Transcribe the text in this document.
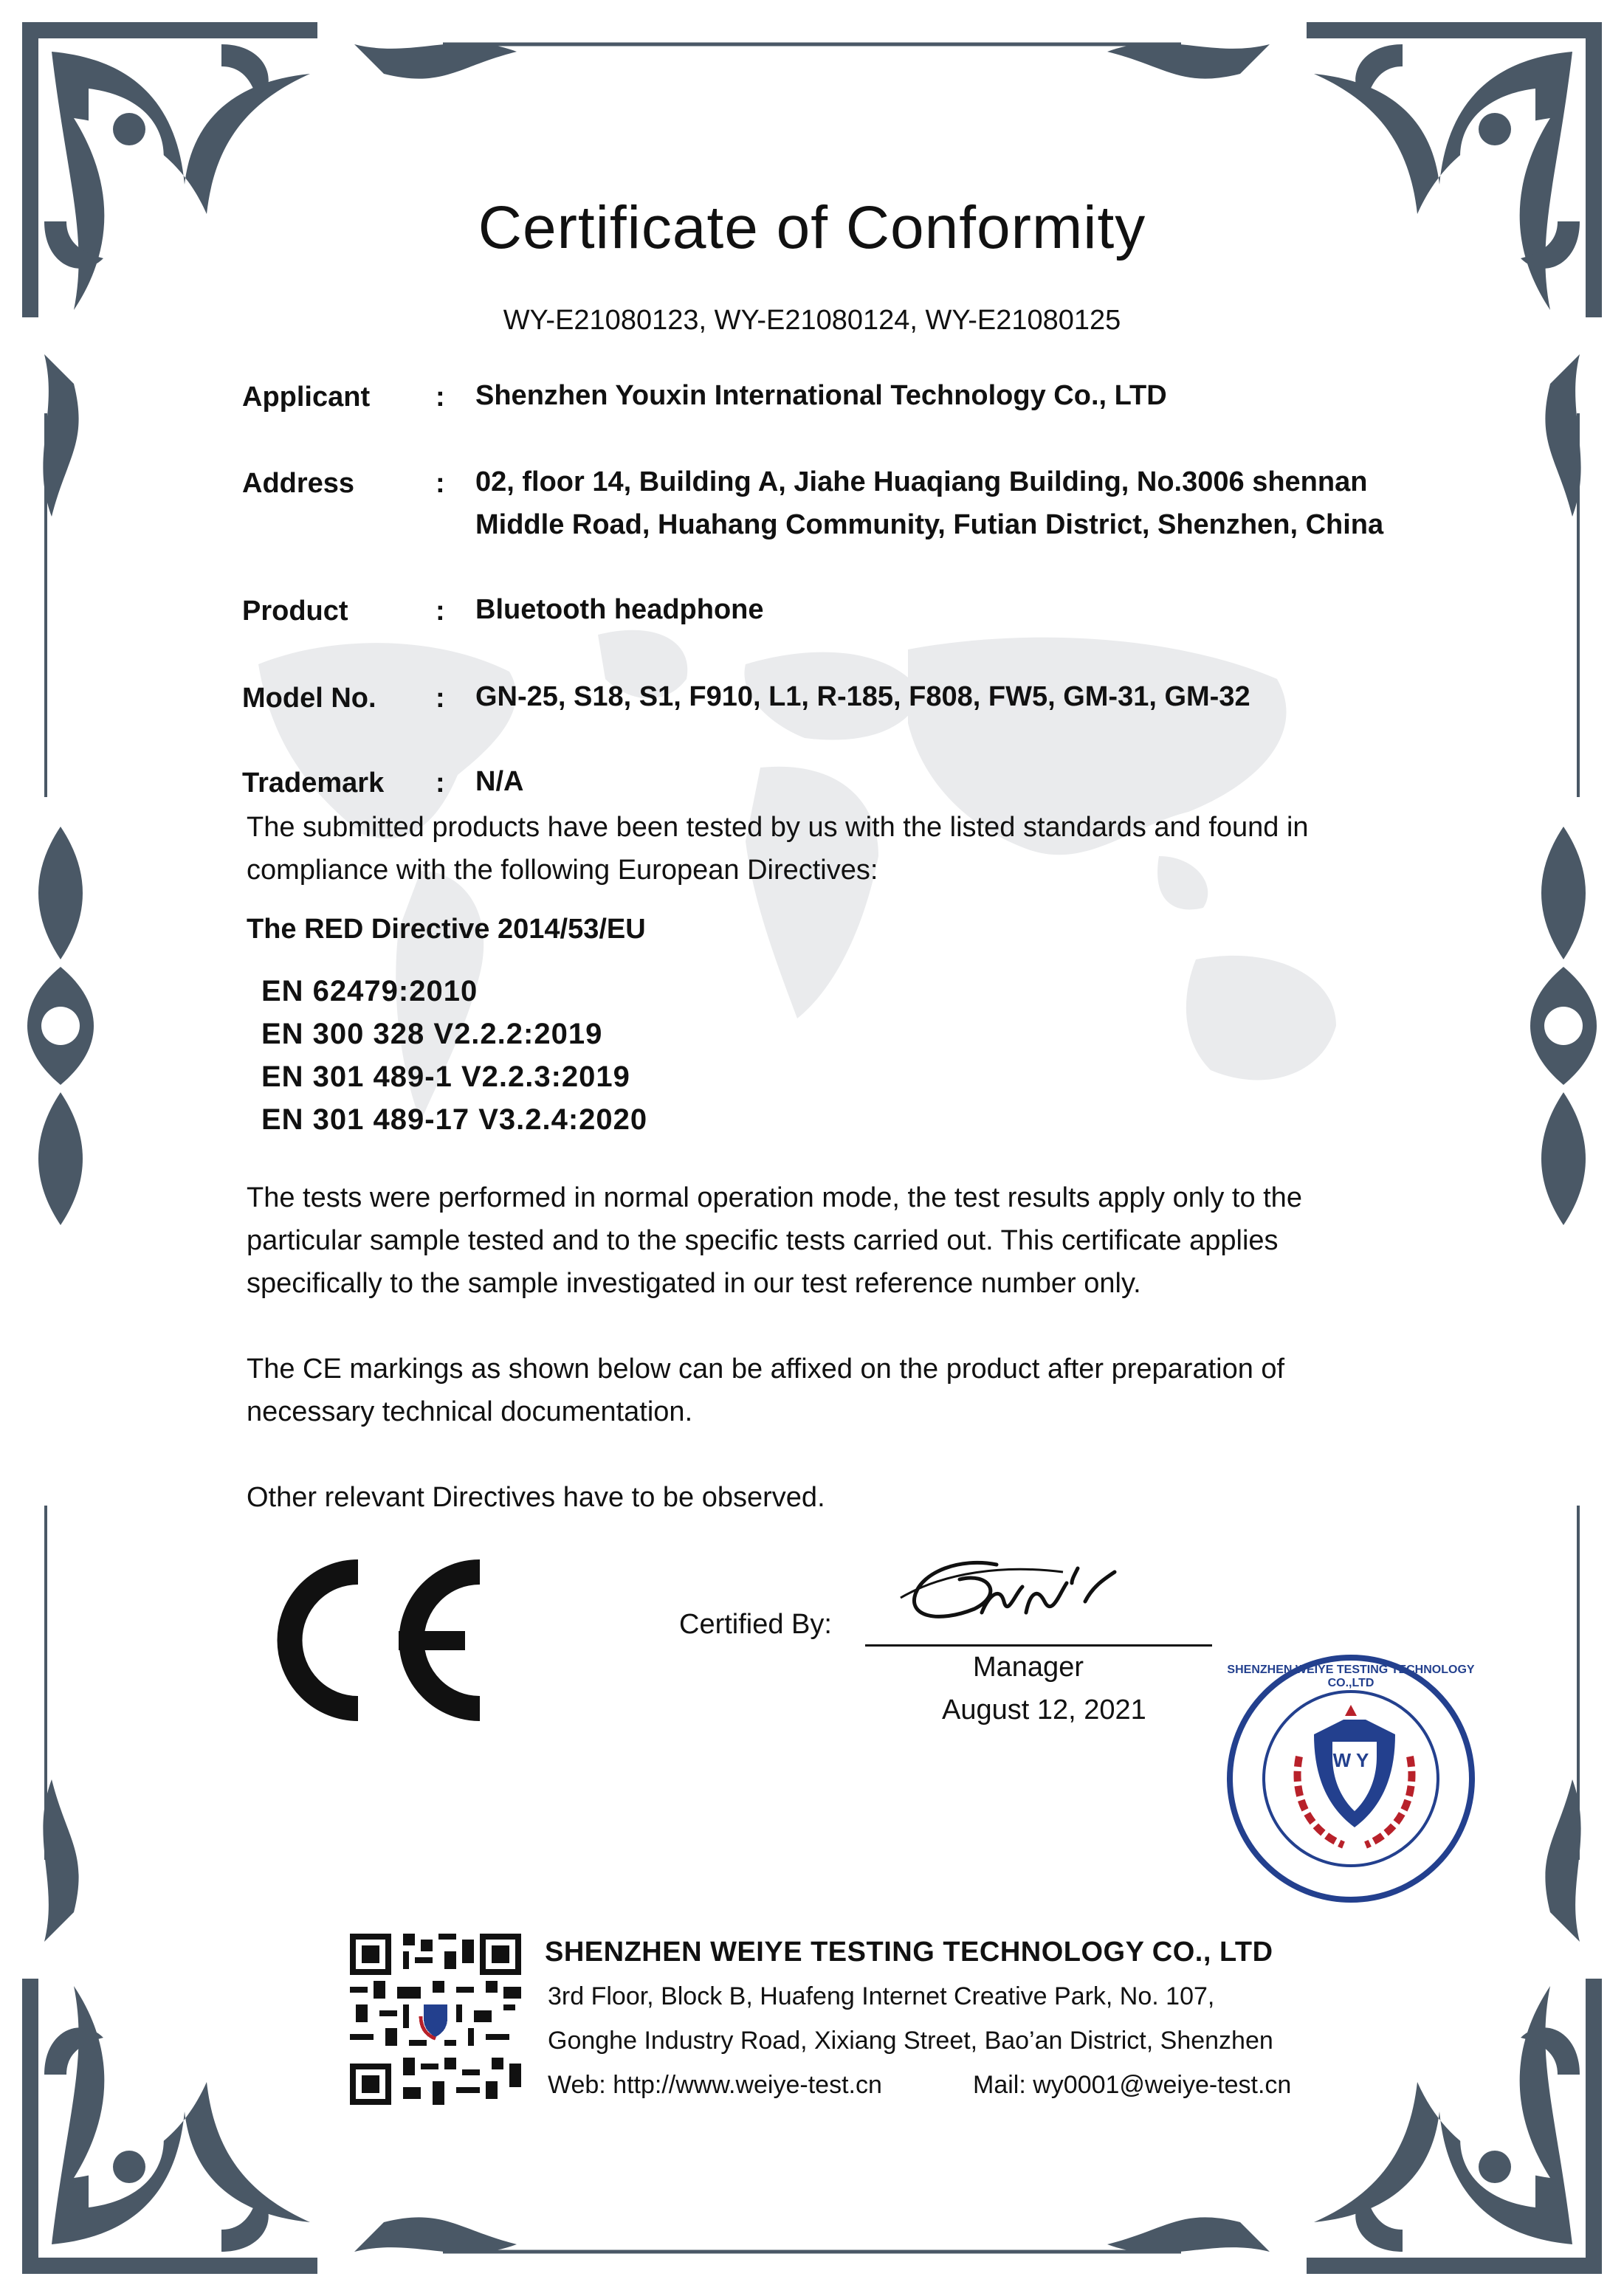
Certificate of Conformity
WY-E21080123, WY-E21080124, WY-E21080125
Applicant : Shenzhen Youxin International Technology Co., LTD
Address	: 02, floor 14, Building A, Jiahe Huaqiang Building, No.3006 shennan
Middle Road, Huahang Community, Futian District, Shenzhen, China
Product	: Bluetooth headphone
Model No. : GN-25, S18, S1, F910, L1, R-185, F808, FW5, GM-31, GM-32
Trademark : N/A
The submitted products have been tested by us with the listed standards and found in
compliance with the following European Directives:
The RED Directive 2014/53/EU
EN 62479:2010
EN 300 328 V2.2.2:2019
EN 301 489-1 V2.2.3:2019
EN 301 489-17 V3.2.4:2020
The tests were performed in normal operation mode, the test results apply only to the
particular sample tested and to the specific tests carried out. This certificate applies
specifically to the sample investigated in our test reference number only.
The CE markings as shown below can be affixed on the product after preparation of
necessary technical documentation.
Other relevant Directives have to be observed.
Certified By:
Manager
August 12, 2021
W Y
SHENZHEN WEIYE TESTING TECHNOLOGY CO.,LTD
SHENZHEN WEIYE TESTING TECHNOLOGY CO., LTD
3rd Floor, Block B, Huafeng Internet Creative Park, No. 107,
Gonghe Industry Road, Xixiang Street, Bao’an District, Shenzhen
Web: http://www.weiye-test.cn	Mail: wy0001@weiye-test.cn
